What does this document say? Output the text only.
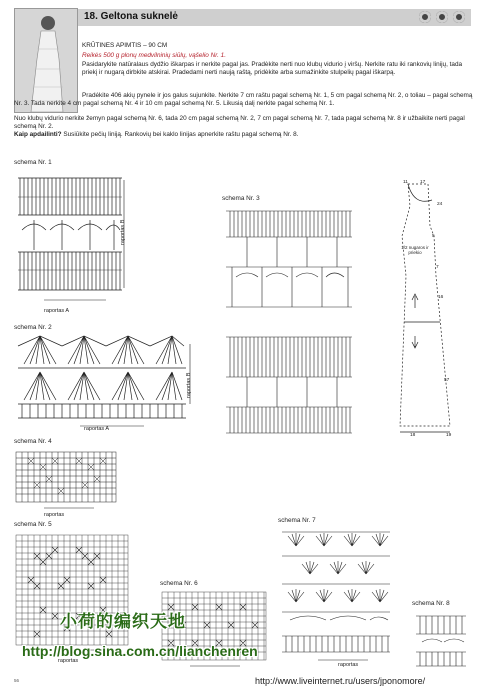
18. Geltona suknelė
KRŪTINES APIMTIS – 90 CM
Reikės 500 g plonų medvilninių siūlų, vąšelio Nr. 1.
Pasidarykite natūralaus dydžio iškarpas ir nerkite pagal jas. Pradėkite nerti nuo klubų vidurio į viršų. Nerkite ratu iki rankovių linijų, tada priekį ir nugarą dirbkite atskirai. Pradedami nerti naują raštą, pridėkite arba sumažinkite stulpelių pagal iškarpą.
Pradėkite 406 akių pynele ir jos galus sujunkite. Nerkite 7 cm raštu pagal schemą Nr. 1, 5 cm pagal schemą Nr. 2, o toliau – pagal schemą Nr. 3. Tada nerkite 4 cm pagal schemą Nr. 4 ir 10 cm pagal schemą Nr. 5. Likusią dalį nerkite pagal schemą Nr. 1.
Nuo klubų vidurio nerkite žemyn pagal schemą Nr. 6, tada 20 cm pagal schemą Nr. 2, 7 cm pagal schemą Nr. 7, tada pagal schemą Nr. 8 ir užbaikite nerti pagal schemą Nr. 2.
Kaip apdailinti? Susiūkite pečių liniją. Rankovių bei kaklo linijas apnerkite raštu pagal schemą Nr. 8.
schema Nr. 1
schema Nr. 2
schema Nr. 3
schema Nr. 4
schema Nr. 5
schema Nr. 6
schema Nr. 7
schema Nr. 8
raportas A
raportas B
raportas A
raportas B
11	17
24
5
7
16
57
18	19
1/2 nugaros ir priekio
raportas
raportas
raportas
小荷的编织天地
http://blog.sina.com.cn/lianchenren
http://www.liveinternet.ru/users/jponomore/
56
